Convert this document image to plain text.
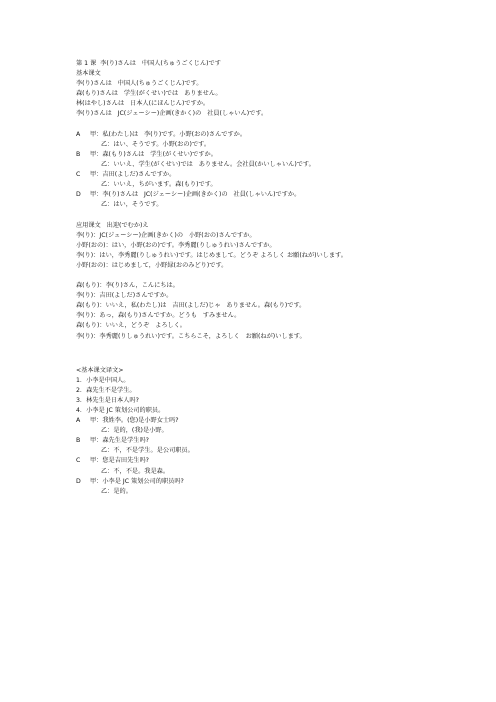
第 1 课  李(り)さんは   中国人(ちゅうごくじん)です
基本课文
李(り)さんは   中国人(ちゅうごくじん)です。
森(もり)さんは   学生(がくせい)では   ありません。
林(はやし)さんは   日本人(にほんじん)ですか。
李(り)さんは   JC(ジェーシー)企画(きかく)の   社員(しゃいん)です。
A	甲：私(わたし)は   李(り)です。小野(おの)さんですか。
乙：はい、そうです。小野(おの)です。
B	甲：森(もり)さんは   学生(がくせい)ですか。
乙：いいえ、学生(がくせい)では   ありません。会社員(かいしゃいん)です。
C	甲：吉田(よしだ)さんですか。
乙：いいえ，ちがいます。森(もり)です。
D	甲：李(り)さんは   JC(ジェーシー)企画(きかく)の   社員(しゃいん)ですか。
乙：はい，そうです。
应用课文   出迎(でむか)え
李(り)：JC(ジェーシー)企画(きかく)の   小野(おの)さんですか。
小野(おの)：はい，小野(おの)です。李秀麗(りしゅうれい)さんですか。
李(り)：はい，李秀麗(りしゅうれい)です。はじめまして。どうぞ よろしく お願(ねが)いします。
小野(おの)：はじめまして，小野緑(おのみどり)です。
森(もり)：李(り)さん，こんにちは。
李(り)：吉田(よしだ)さんですか。
森(もり)：いいえ，私(わたし)は   吉田(よしだ)じゃ   ありません。森(もり)です。
李(り)：あっ，森(もり)さんですか。どうも   すみません。
森(もり)：いいえ，どうぞ   よろしく。
李(り)：李秀麗(りしゅうれい)です。こちらこそ，よろしく   お願(ねが)いします。
<基本课文译文>
1．小李是中国人。
2．森先生不是学生。
3．林先生是日本人吗?
4．小李是 JC 策划公司的职员。
A	甲：我姓李。(您)是小野女士吗?
乙：是的，(我)是小野。
B	甲：森先生是学生吗?
乙：不，不是学生。是公司职员。
C	甲：您是吉田先生吗?
乙：不，不是。我是森。
D	甲：小李是 JC 策划公司的职员吗?
乙：是的。
